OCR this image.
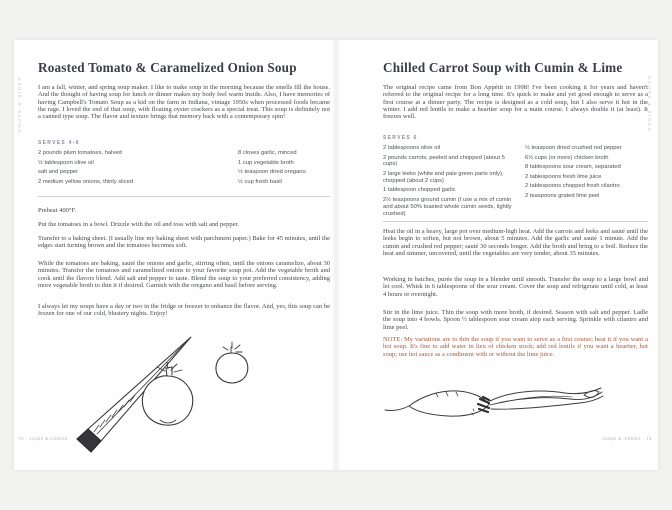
SOUPS & SIDES
70 · soups & nibbles
Roasted Tomato & Caramelized Onion Soup
I am a fall, winter, and spring soup maker. I like to make soup in the morning because the smells fill the house. And the thought of having soup for lunch or dinner makes my body feel warm inside. Also, I have memories of having Campbell's Tomato Soup as a kid on the farm in Indiana, vintage 1950s when processed foods became the rage. I loved the end of that soup, with floating oyster crackers as a special treat. This soup is definitely not a canned type soup. The flavor and texture brings that memory back with a contemporary spin!
SERVES 4-6
2 pounds plum tomatoes, halved
½ tablespoon olive oil
salt and pepper
2 medium yellow onions, thinly sliced
8 cloves garlic, minced
1 cup vegetable broth
½ teaspoon dried oregano
½ cup fresh basil
Preheat 400°F.
Put the tomatoes in a bowl. Drizzle with the oil and toss with salt and pepper.
Transfer to a baking sheet. (I usually line my baking sheet with parchment paper.) Bake for 45 minutes, until the edges start turning brown and the tomatoes becomes soft.
While the tomatoes are baking, sauté the onions and garlic, stirring often, until the onions caramelize, about 30 minutes. Transfer the tomatoes and caramelized onions to your favorite soup pot. Add the vegetable broth and cook until the flavors blend. Add salt and pepper to taste. Blend the soup to your preferred consistency, adding more vegetable broth to thin it if desired. Garnish with the oregano and basil before serving.
I always let my soups have a day or two in the fridge or freezer to enhance the flavor. And, yes, this soup can be frozen for one of our cold, blustery nights. Enjoy!
SOUPS & SIDES
soups & nibbles · 71
Chilled Carrot Soup with Cumin & Lime
The original recipe came from Bon Appétit in 1998! I've been cooking it for years and haven't referred to the original recipe for a long time. It's quick to make and yet good enough to serve as a first course at a dinner party. The recipe is designed as a cold soup, but I also serve it hot in the winter. I add red lentils to make a heartier soup for a main course. I always double it (at least). It freezes well.
SERVES 6
2 tablespoons olive oil
2 pounds carrots, peeled and chopped (about 5 cups)
2 large leeks (white and pale green parts only), chopped (about 2 cups)
1 tablespoon chopped garlic
2½ teaspoons ground cumin (I use a mix of cumin and about 50% toasted whole cumin seeds, lightly crushed)
½ teaspoon dried crushed red pepper
6½ cups (or more) chicken broth
8 tablespoons sour cream, separated
2 tablespoons fresh lime juice
2 tablespoons chopped fresh cilantro
2 teaspoons grated lime peel
Heat the oil in a heavy, large pot over medium-high heat. Add the carrots and leeks and sauté until the leeks begin to soften, but not brown, about 5 minutes. Add the garlic and sauté 1 minute. Add the cumin and crushed red pepper; sauté 30 seconds longer. Add the broth and bring to a boil. Reduce the heat and simmer, uncovered, until the vegetables are very tender, about 35 minutes.
Working in batches, purée the soup in a blender until smooth. Transfer the soup to a large bowl and let cool. Whisk in 6 tablespoons of the sour cream. Cover the soup and refrigerate until cold, at least 4 hours or overnight.
Stir in the lime juice. Thin the soup with more broth, if desired. Season with salt and pepper. Ladle the soup into 4 bowls. Spoon ½ tablespoon sour cream atop each serving. Sprinkle with cilantro and lime peel.
NOTE: My variations are to thin the soup if you want to serve as a first course; heat it if you want a hot soup. It's fine to add water in lieu of chicken stock; add red lentils if you want a heartier, hot soup; use hot sauce as a condiment with or without the lime juice.
